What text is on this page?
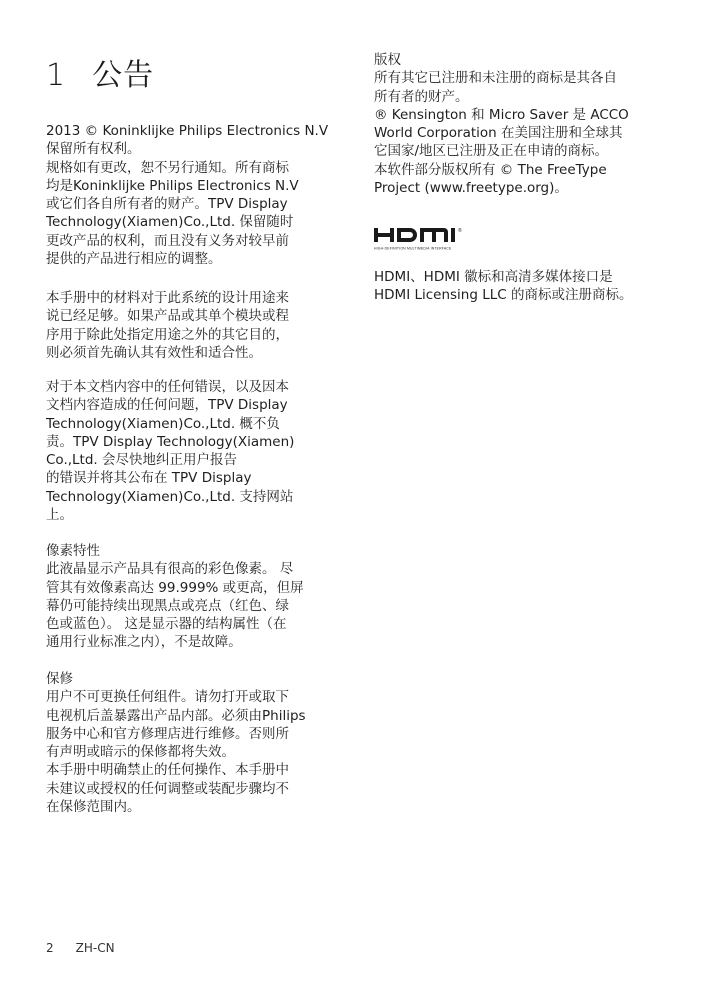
1 公告

2013 © Koninklijke Philips Electronics N.V
保留所有权利。
规格如有更改，恕不另行通知。所有商标
均是Koninklijke Philips Electronics N.V
或它们各自所有者的财产。TPV Display
Technology(Xiamen)Co.,Ltd. 保留随时
更改产品的权利，而且没有义务对较早前
提供的产品进行相应的调整。

本手册中的材料对于此系统的设计用途来
说已经足够。如果产品或其单个模块或程
序用于除此处指定用途之外的其它目的，
则必须首先确认其有效性和适合性。

对于本文档内容中的任何错误，以及因本
文档内容造成的任何问题，TPV Display
Technology(Xiamen)Co.,Ltd. 概不负
责。TPV Display Technology(Xiamen)
Co.,Ltd. 会尽快地纠正用户报告
的错误并将其公布在 TPV Display
Technology(Xiamen)Co.,Ltd. 支持网站
上。

像素特性

此液晶显示产品具有很高的彩色像素。 尽
管其有效像素高达 99.999% 或更高，但屏
幕仍可能持续出现黑点或亮点（红色、绿
色或蓝色）。 这是显示器的结构属性（在
通用行业标准之内），不是故障。

保修

用户不可更换任何组件。请勿打开或取下
电视机后盖暴露出产品内部。必须由Philips
服务中心和官方修理店进行维修。否则所
有声明或暗示的保修都将失效。
本手册中明确禁止的任何操作、本手册中
未建议或授权的任何调整或装配步骤均不
在保修范围内。

版权

所有其它已注册和未注册的商标是其各自
所有者的财产。
® Kensington 和 Micro Saver 是 ACCO
World Corporation 在美国注册和全球其
它国家/地区已注册及正在申请的商标。
本软件部分版权所有 © The FreeType
Project (www.freetype.org)。

HIGH-DEFINITION MULTIMEDIA INTERFACE
®

HDMI、HDMI 徽标和高清多媒体接口是
HDMI Licensing LLC 的商标或注册商标。

2 ZH-CN
